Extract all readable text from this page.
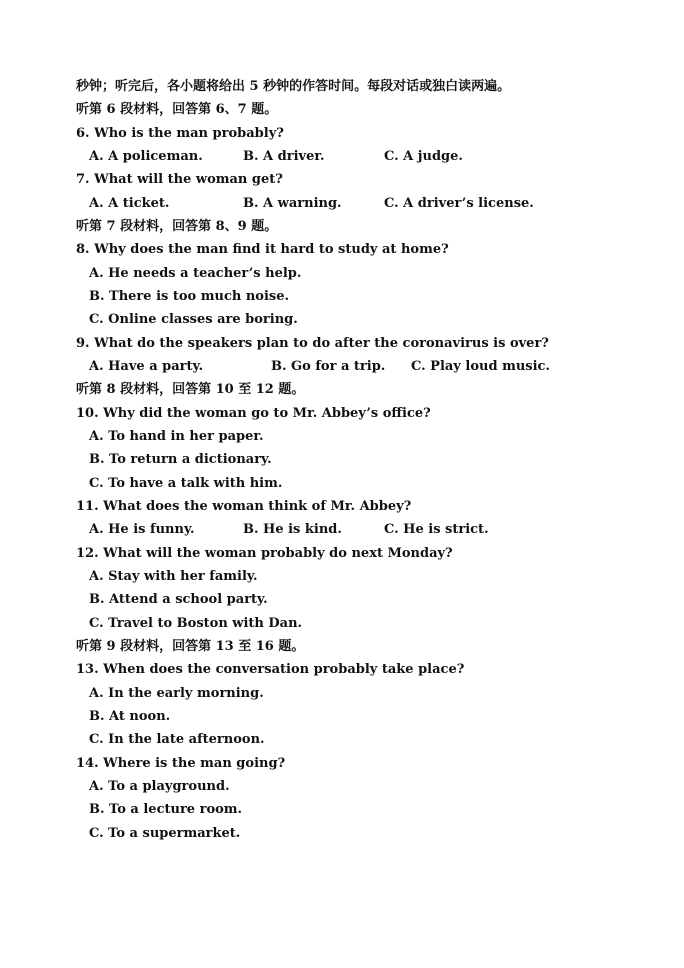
秒钟；听完后，各小题将给出 5 秒钟的作答时间。每段对话或独白读两遍。
听第 6 段材料，回答第 6、7 题。
6. Who is the man probably?
A. A policeman.	B. A driver.	C. A judge.
7. What will the woman get?
A. A ticket.	B. A warning.	C. A driver’s license.
听第 7 段材料，回答第 8、9 题。
8. Why does the man find it hard to study at home?
A. He needs a teacher’s help.
B. There is too much noise.
C. Online classes are boring.
9. What do the speakers plan to do after the coronavirus is over?
A. Have a party.	B. Go for a trip. C. Play loud music.
听第 8 段材料，回答第 10 至 12 题。
10. Why did the woman go to Mr. Abbey’s office?
A. To hand in her paper.
B. To return a dictionary.
C. To have a talk with him.
11. What does the woman think of Mr. Abbey?
A. He is funny.	B. He is kind.	C. He is strict.
12. What will the woman probably do next Monday?
A. Stay with her family.
B. Attend a school party.
C. Travel to Boston with Dan.
听第 9 段材料，回答第 13 至 16 题。
13. When does the conversation probably take place?
A. In the early morning.
B. At noon.
C. In the late afternoon.
14. Where is the man going?
A. To a playground.
B. To a lecture room.
C. To a supermarket.
